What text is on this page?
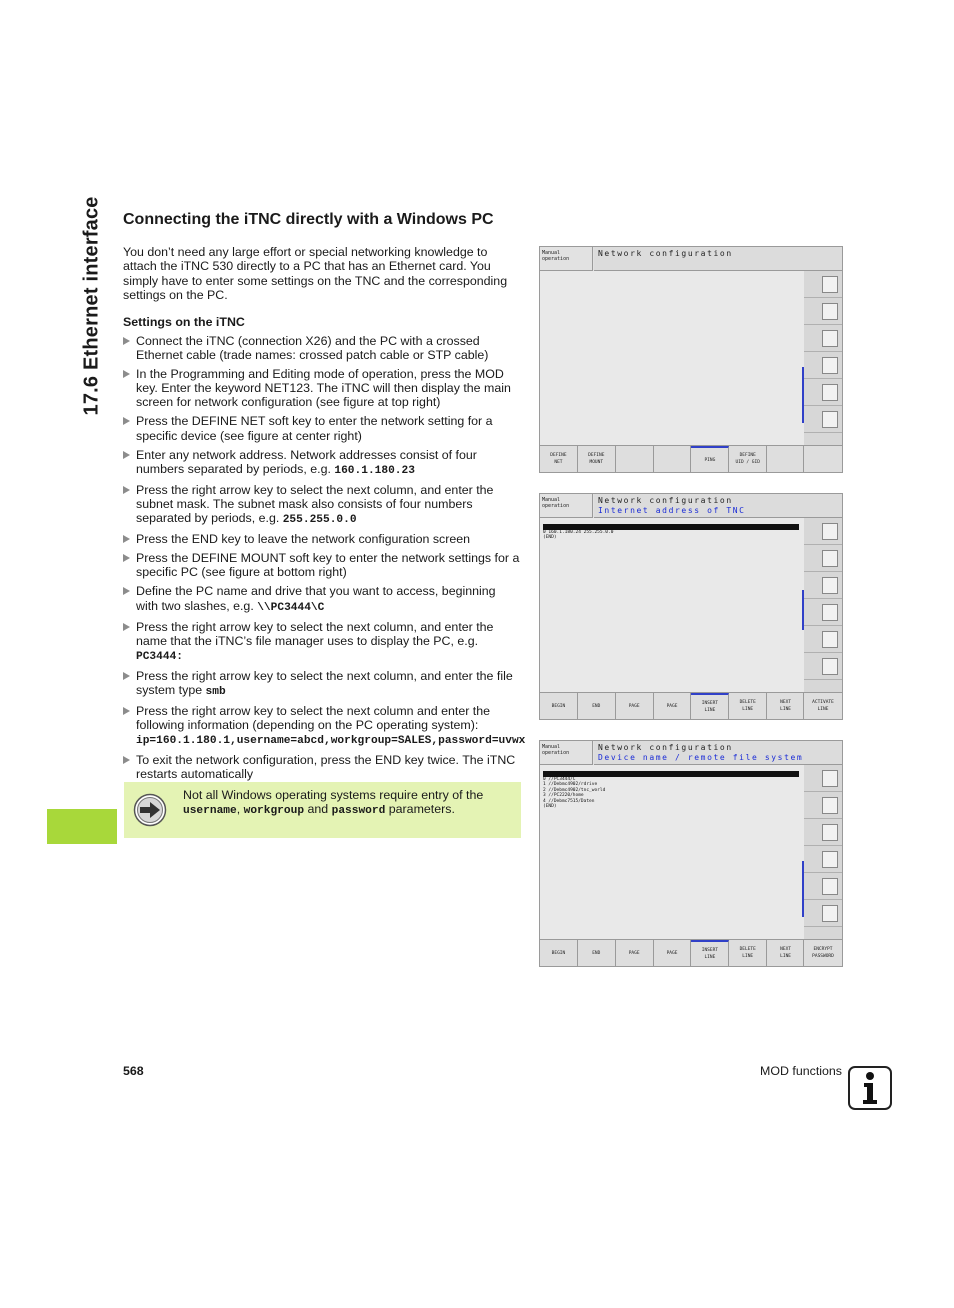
17.6 Ethernet interface Connecting the iTNC directly with a Windows PC

You don’t need any large effort or special networking knowledge to attach the iTNC 530 directly to a PC that has an Ethernet card. You simply have to enter some settings on the TNC and the corresponding settings on the PC.

Settings on the iTNC

Connect the iTNC (connection X26) and the PC with a crossed Ethernet cable (trade names: crossed patch cable or STP cable)
In the Programming and Editing mode of operation, press the MOD key. Enter the keyword NET123. The iTNC will then display the main screen for network configuration (see figure at top right)
Press the DEFINE NET soft key to enter the network setting for a specific device (see figure at center right)
Enter any network address. Network addresses consist of four numbers separated by periods, e.g. 160.1.180.23
Press the right arrow key to select the next column, and enter the subnet mask. The subnet mask also consists of four numbers separated by periods, e.g. 255.255.0.0
Press the END key to leave the network configuration screen
Press the DEFINE MOUNT soft key to enter the network settings for a specific PC (see figure at bottom right)
Define the PC name and drive that you want to access, beginning with two slashes, e.g. \\PC3444\C
Press the right arrow key to select the next column, and enter the name that the iTNC’s file manager uses to display the PC, e.g. PC3444:
Press the right arrow key to select the next column, and enter the file system type smb
Press the right arrow key to select the next column and enter the following information (depending on the PC operating system): ip=160.1.180.1,username=abcd,workgroup=SALES,password=uvwx
To exit the network configuration, press the END key twice. The iTNC restarts automatically

Not all Windows operating systems require entry of the username, workgroup and password parameters.

568	MOD functions

Manual
operation
Network configuration
DEFINE
NET
DEFINE
MOUNT	PING
DEFINE
UID / GID
Manual
operation
Network configuration
Internet address of TNC

0 160.1.180.24 255.255.0.0
(END)
BEGIN	END	PAGE	PAGE	INSERT
LINE
DELETE
LINE
NEXT
LINE
ACTIVATE
LINE
Manual
operation
Network configuration
Device name / remote file system

0 //PC3444/C
1 //Debmc4902/rdrive
2 //Debmc4902/tnc_world
3 //PC2220/home
4 //Debmc7515/Daten
(END)
BEGIN	END	PAGE	PAGE	INSERT
LINE
DELETE
LINE
NEXT
LINE
ENCRYPT
PASSWORD
